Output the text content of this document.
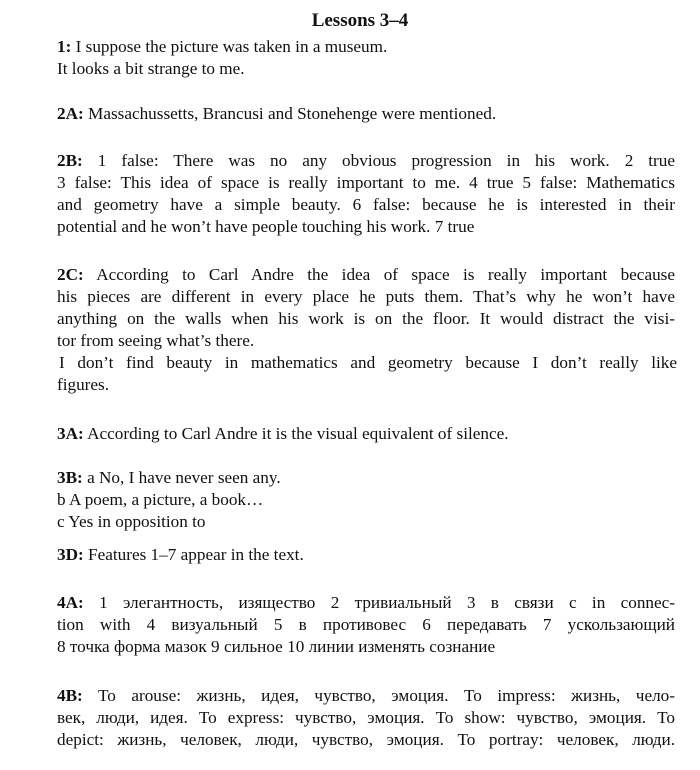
Lessons 3–4
1: I suppose the picture was taken in a museum.
It looks a bit strange to me.
2A: Massachussetts, Brancusi and Stonehenge were mentioned.
2B: 1 false: There was no any obvious progression in his work. 2 true
3 false: This idea of space is really important to me. 4 true 5 false: Mathematics
and geometry have a simple beauty. 6 false: because he is interested in their
potential and he won’t have people touching his work. 7 true
2C: According to Carl Andre the idea of space is really important because
his pieces are different in every place he puts them. That’s why he won’t have
anything on the walls when his work is on the floor. It would distract the visi-
tor from seeing what’s there.
I don’t find beauty in mathematics and geometry because I don’t really like
figures.
3A: According to Carl Andre it is the visual equivalent of silence.
3B: a No, I have never seen any.
b A poem, a picture, a book…
c Yes in opposition to
3D: Features 1–7 appear in the text.
4A: 1 элегантность, изящество 2 тривиальный 3 в связи с in connec-
tion with 4 визуальный 5 в противовес 6 передавать 7 ускользающий
8 точка форма мазок 9 сильное 10 линии изменять сознание
4B: To arouse: жизнь, идея, чувство, эмоция. To impress: жизнь, чело-
век, люди, идея. To express: чувство, эмоция. To show: чувство, эмоция. To
depict: жизнь, человек, люди, чувство, эмоция. To portray: человек, люди.
